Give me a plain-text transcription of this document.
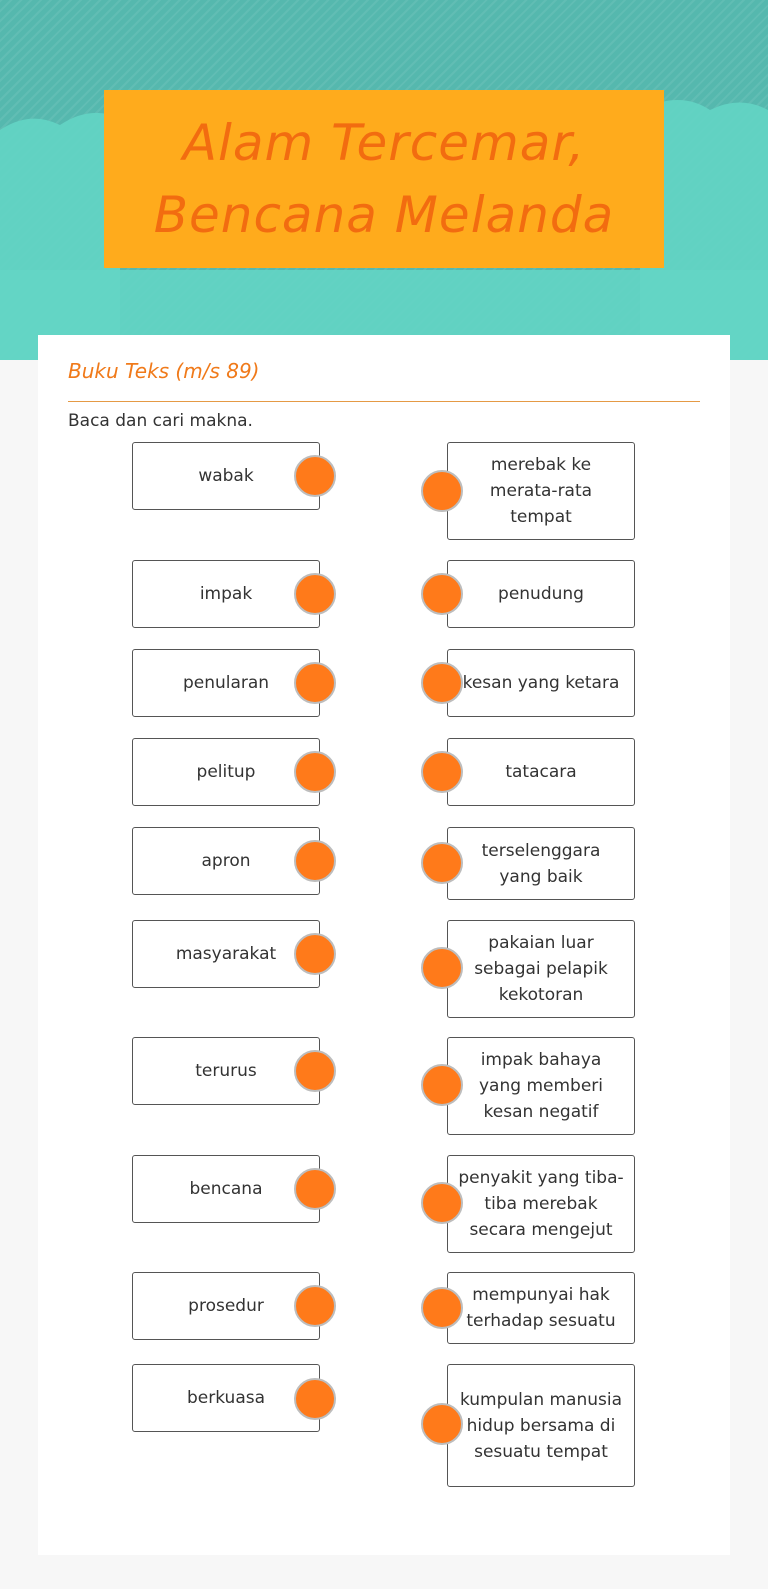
Alam Tercemar, Bencana Melanda
Buku Teks (m/s 89)
Baca dan cari makna.
wabak
impak
penularan
pelitup
apron
masyarakat
terurus
bencana
prosedur
berkuasa
merebak ke merata-rata tempat
penudung
kesan yang ketara
tatacara
terselenggara yang baik
pakaian luar sebagai pelapik kekotoran
impak bahaya yang memberi kesan negatif
penyakit yang tiba-tiba merebak secara mengejut
mempunyai hak terhadap sesuatu
kumpulan manusia hidup bersama di sesuatu tempat
